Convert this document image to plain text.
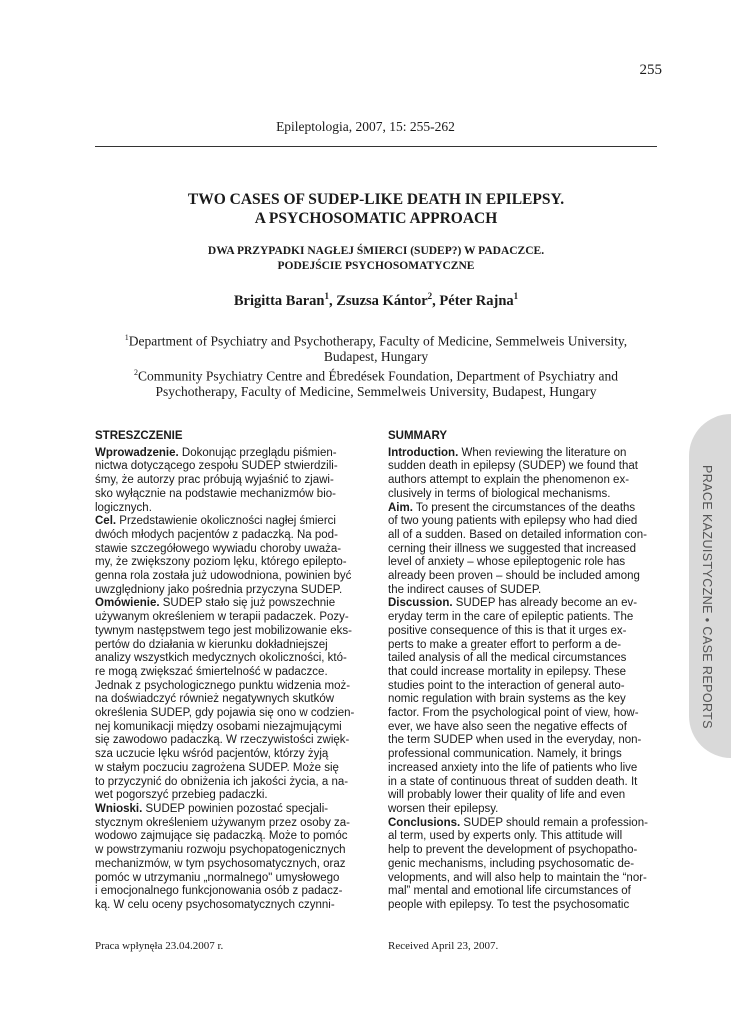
255
Epileptologia, 2007, 15: 255-262
TWO CASES OF SUDEP-LIKE DEATH IN EPILEPSY.
A PSYCHOSOMATIC APPROACH
DWA PRZYPADKI NAGŁEJ ŚMIERCI (SUDEP?) W PADACZCE.
PODEJŚCIE PSYCHOSOMATYCZNE
Brigitta Baran$^1$, Zsuzsa Kántor$^2$, Péter Rajna$^1$
$^1$Department of Psychiatry and Psychotherapy, Faculty of Medicine, Semmelweis University,
Budapest, Hungary
$^2$Community Psychiatry Centre and Ébredések Foundation, Department of Psychiatry and
Psychotherapy, Faculty of Medicine, Semmelweis University, Budapest, Hungary
STRESZCZENIE
Wprowadzenie. Dokonując przeglądu piśmien-
nictwa dotyczącego zespołu SUDEP stwierdzili-
śmy, że autorzy prac próbują wyjaśnić to zjawi-
sko wyłącznie na podstawie mechanizmów bio-
logicznych.
Cel. Przedstawienie okoliczności nagłej śmierci
dwóch młodych pacjentów z padaczką. Na pod-
stawie szczegółowego wywiadu choroby uważa-
my, że zwiększony poziom lęku, którego epilepto-
genna rola została już udowodniona, powinien być
uwzględniony jako pośrednia przyczyna SUDEP.
Omówienie. SUDEP stało się już powszechnie
używanym określeniem w terapii padaczek. Pozy-
tywnym następstwem tego jest mobilizowanie eks-
pertów do działania w kierunku dokładniejszej
analizy wszystkich medycznych okoliczności, któ-
re mogą zwiększać śmiertelność w padaczce.
Jednak z psychologicznego punktu widzenia moż-
na doświadczyć również negatywnych skutków
określenia SUDEP, gdy pojawia się ono w codzien-
nej komunikacji między osobami niezajmującymi
się zawodowo padaczką. W rzeczywistości zwięk-
sza uczucie lęku wśród pacjentów, którzy żyją
w stałym poczuciu zagrożena SUDEP. Może się
to przyczynić do obniżenia ich jakości życia, a na-
wet pogorszyć przebieg padaczki.
Wnioski. SUDEP powinien pozostać specjali-
stycznym określeniem używanym przez osoby za-
wodowo zajmujące się padaczką. Może to pomóc
w powstrzymaniu rozwoju psychopatogenicznych
mechanizmów, w tym psychosomatycznych, oraz
pomóc w utrzymaniu „normalnego" umysłowego
i emocjonalnego funkcjonowania osób z padacz-
ką. W celu oceny psychosomatycznych czynni-
SUMMARY
Introduction. When reviewing the literature on
sudden death in epilepsy (SUDEP) we found that
authors attempt to explain the phenomenon ex-
clusively in terms of biological mechanisms.
Aim. To present the circumstances of the deaths
of two young patients with epilepsy who had died
all of a sudden. Based on detailed information con-
cerning their illness we suggested that increased
level of anxiety – whose epileptogenic role has
already been proven – should be included among
the indirect causes of SUDEP.
Discussion. SUDEP has already become an ev-
eryday term in the care of epileptic patients. The
positive consequence of this is that it urges ex-
perts to make a greater effort to perform a de-
tailed analysis of all the medical circumstances
that could increase mortality in epilepsy. These
studies point to the interaction of general auto-
nomic regulation with brain systems as the key
factor. From the psychological point of view, how-
ever, we have also seen the negative effects of
the term SUDEP when used in the everyday, non-
professional communication. Namely, it brings
increased anxiety into the life of patients who live
in a state of continuous threat of sudden death. It
will probably lower their quality of life and even
worsen their epilepsy.
Conclusions. SUDEP should remain a profession-
al term, used by experts only. This attitude will
help to prevent the development of psychopatho-
genic mechanisms, including psychosomatic de-
velopments, and will also help to maintain the “nor-
mal” mental and emotional life circumstances of
people with epilepsy. To test the psychosomatic
Praca wpłynęła 23.04.2007 r.	Received April 23, 2007.
PRACE KAZUISTYCZNE • CASE REPORTS
